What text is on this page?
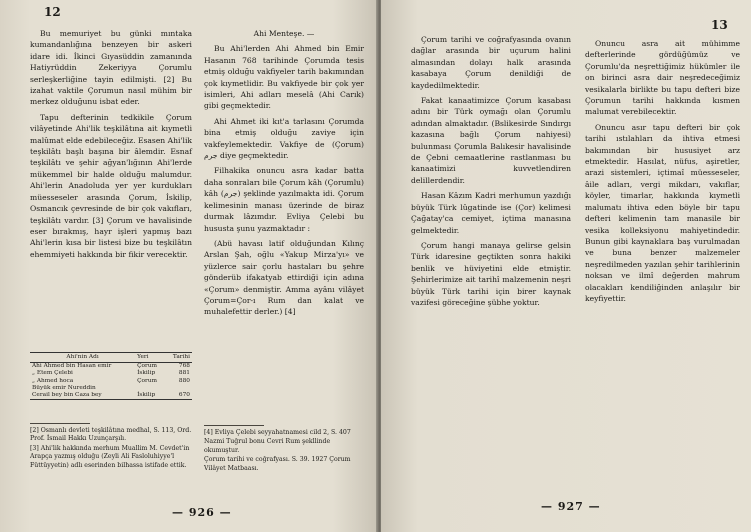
12

Bu memuriyet bu günki mıntaka kumandanlığına benzeyen bir askeri idare idi. İkinci Gıyasüddin zamanında Hatiyrüddin Zekeriyya Çorumlu serleşkerliğine tayin edilmişti. [2] Bu izahat vaktile Çorumun nasıl mühim bir merkez olduğunu isbat eder.

Tapu defterinin tedkikile Çorum vilâyetinde Ahi'lik teşkilâtına ait kıymetli malûmat elde edebileceğiz. Esasen Ahi'lik teşkilâtı başlı başına bir âlemdir. Esnaf teşkilâtı ve şehir ağyan'lığının Ahi'lerde mükemmel bir halde olduğu malumdur. Ahi'lerin Anadoluda yer yer kurdukları müesseseler arasında Çorum, İskilip, Osmancık çevresinde de bir çok vakıfları, teşkilâtı vardır. [3] Çorum ve havalisinde eser bırakmış, hayr işleri yapmış bazı Ahi'lerin kısa bir listesi bize bu teşkilâtın ehemmiyeti hakkında bir fikir verecektir.

Ahi'nin Adı	Yeri	Tarihi
Ahi Ahmed bin Hasan emir	Çorum	768
„ Etem Çelebi	İskilip	881
„ Ahmed hoca	Çorum	880
Büyük emir Nureddin		
Cerail bey bin Caza bey	İskilip	670

[2] Osmanlı devleti teşkilâtına medhal, S. 113, Ord. Prof. İsmail Hakkı Uzunçarşılı.

[3] Ahi'lik hakkında merhum Muallim M. Cevdet'in Arapça yazmış olduğu (Zeyli Ali Fasloluhiyye'l Füttüyyetin) adlı eserinden bilhassa istifade ettik.

Ahi Menteşe. —

Bu Ahi'lerden Ahi Ahmed bin Emir Hasanın 768 tarihinde Çorumda tesis etmiş olduğu vakfiyeler tarih bakımından çok kıymetlidir. Bu vakfiyede bir çok yer isimleri, Ahi adları meselâ (Ahi Carık) gibi geçmektedir.

Ahi Ahmet iki kıt'a tarlasını Çorumda bina etmiş olduğu zaviye için vakfeylemektedir. Vakfiye de (Çorum) جرم diye geçmektedir.

Filhakika onuncu asra kadar batta daha sonraları bile Çorum kâh (Çorumlu) kâh (جرم) şeklinde yazılmakta idi. Çorum kelimesinin manası üzerinde de biraz durmak lâzımdır. Evliya Çelebi bu hususta şunu yazmaktadır :

(Abü havası latif olduğundan Kılınç Arslan Şah, oğlu «Yakup Mirza'yı» ve yüzlerce sair çorlu hastaları bu şehre gönderüb ifakatyab ettirdiği için adına «Çorum» denmiştir. Amma ayânı vilâyet Çorum=Çor-ı Rum dan kalat ve muhalefettir derler.) [4]

[4] Evliya Çelebi seyyahatnamesi cild 2, S. 407

Nazmi Tuğrul bonu Cevri Rum şekllinde okumuştur.

Çorum tarihi ve coğrafyası. S. 39. 1927 Çorum Vilâyet Matbaası.

— 926 —
13

Çorum tarihi ve coğrafyasında ovanın dağlar arasında bir uçurum halini almasından dolayı halk arasında kasabaya Çorum denildiği de kaydedilmektedir.

Fakat kanaatimizce Çorum kasabası adını bir Türk oymağı olan Çorumlu adından almaktadır. (Bslikesirde Sındırgı kazasına bağlı Çorum nahiyesi) bulunması Çorumla Balıkesir havalisinde de Çebni cemaatlerine rastlanması bu kanaatimizi kuvvetlendiren delillerdendir.

Hasan Kâzım Kadri merhumun yazdığı büyük Türk lûgatinde ise (Çor) kelimesi Çağatay'ca cemiyet, içtima manasına gelmektedir.

Çorum hangi manaya gelirse gelsin Türk idaresine geçtikten sonra hakiki benlik ve hüviyetini elde etmiştir. Şehirlerimize ait tarihî malzemenin neşri büyük Türk tarihi için birer kaynak vazifesi göreceğine şübhe yoktur.

Onuncu asra ait mühimme defterlerinde gördüğümüz ve Çorumlu'da neşrettiğimiz hükümler ile on birinci asra dair neşredeceğimiz vesikalarla birlikte bu tapu defteri bize Çorumun tarihi hakkında kısmen malumat verebilecektir.

Onuncu asır tapu defteri bir çok tarihi ıstılahları da ihtiva etmesi bakımından bir hususiyet arz etmektedir. Hasılat, nüfus, aşiretler, arazi sistemleri, içtimaî müesseseler, âile adları, vergi mikdarı, vakıflar, köyler, timarlar, hakkında kıymetli malumatı ihtiva eden böyle bir tapu defteri kelimenin tam manasile bir vesika kolleksiyonu mahiyetindedir. Bunun gibi kaynaklara baş vurulmadan ve buna benzer malzemeler neşredilmeden yazılan şehir tarihlerinin noksan ve ilmî değerden mahrum olacakları kendiliğinden anlaşılır bir keyfiyettir.

— 927 —
